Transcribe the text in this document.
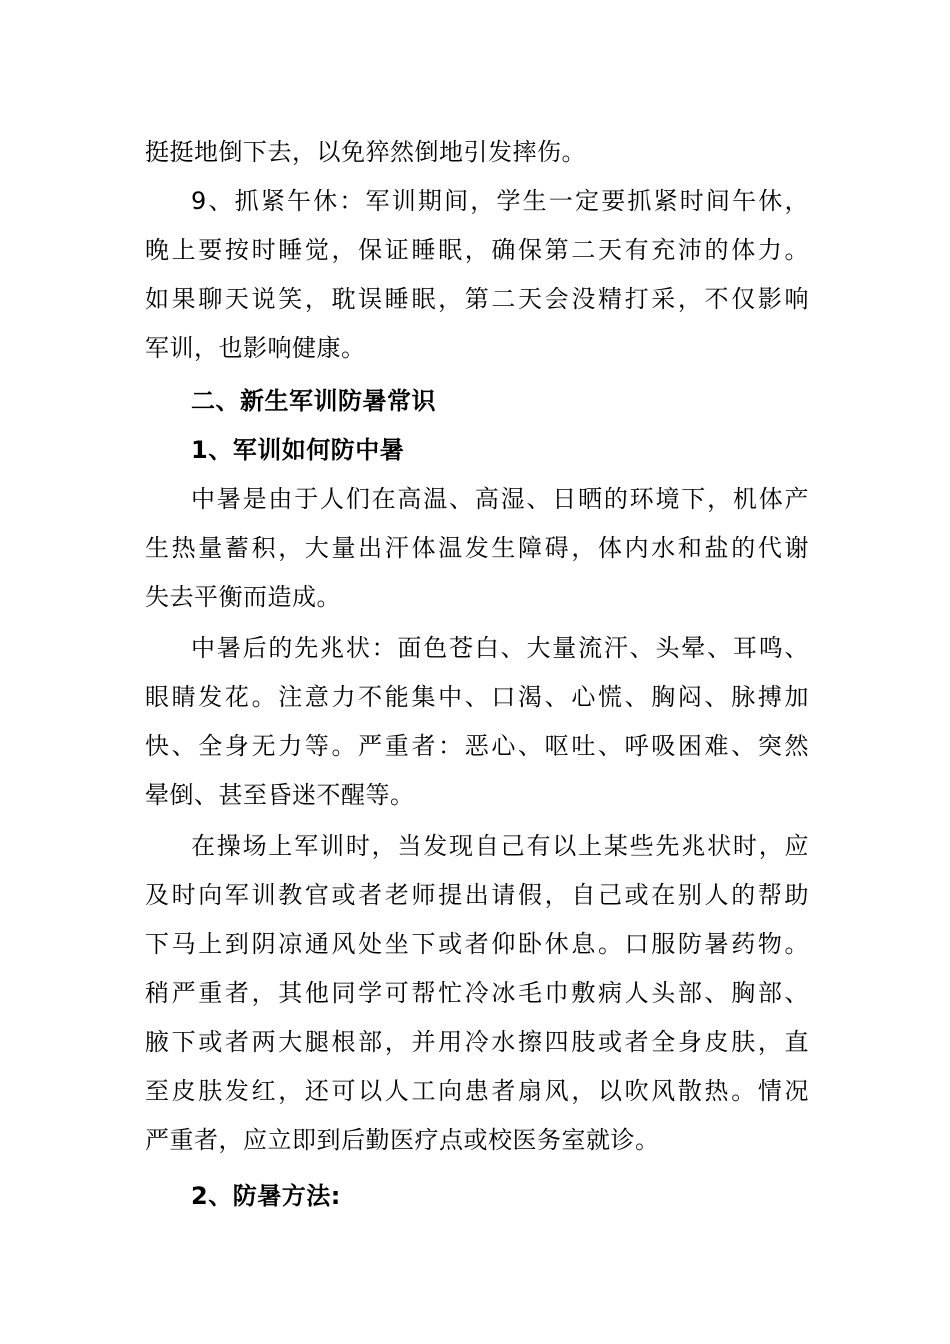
挺挺地倒下去，以免猝然倒地引发摔伤。
9、抓紧午休：军训期间，学生一定要抓紧时间午休，
晚上要按时睡觉，保证睡眠，确保第二天有充沛的体力。
如果聊天说笑，耽误睡眠，第二天会没精打采，不仅影响
军训，也影响健康。
二、新生军训防暑常识
1、军训如何防中暑
中暑是由于人们在高温、高湿、日晒的环境下，机体产
生热量蓄积，大量出汗体温发生障碍，体内水和盐的代谢
失去平衡而造成。
中暑后的先兆状：面色苍白、大量流汗、头晕、耳鸣、
眼睛发花。注意力不能集中、口渴、心慌、胸闷、脉搏加
快、全身无力等。严重者：恶心、呕吐、呼吸困难、突然
晕倒、甚至昏迷不醒等。
在操场上军训时，当发现自己有以上某些先兆状时，应
及时向军训教官或者老师提出请假，自己或在别人的帮助
下马上到阴凉通风处坐下或者仰卧休息。口服防暑药物。
稍严重者，其他同学可帮忙冷冰毛巾敷病人头部、胸部、
腋下或者两大腿根部，并用冷水擦四肢或者全身皮肤，直
至皮肤发红，还可以人工向患者扇风，以吹风散热。情况
严重者，应立即到后勤医疗点或校医务室就诊。
2、防暑方法:
